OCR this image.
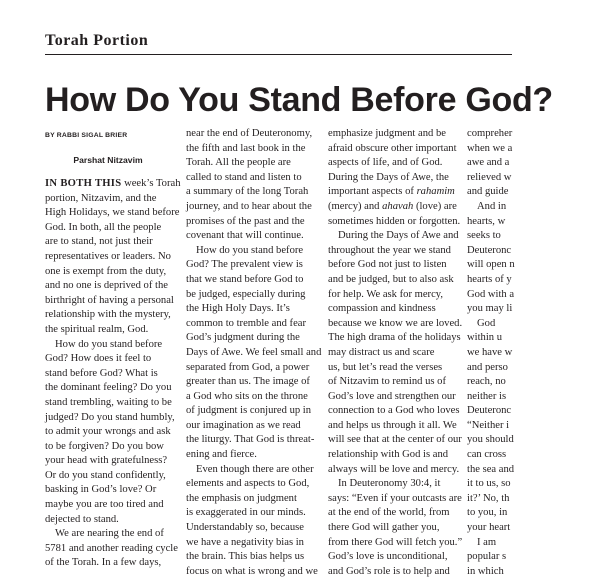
Torah Portion
How Do You Stand Before God?
BY RABBI SIGAL BRIER
Parshat Nitzavim
IN BOTH THIS week’s Torah
portion, Nitzavim, and the
High Holidays, we stand before
God. In both, all the people
are to stand, not just their
representatives or leaders. No
one is exempt from the duty,
and no one is deprived of the
birthright of having a personal
relationship with the mystery,
the spiritual realm, God.
How do you stand before
God? How does it feel to
stand before God? What is
the dominant feeling? Do you
stand trembling, waiting to be
judged? Do you stand humbly,
to admit your wrongs and ask
to be forgiven? Do you bow
your head with gratefulness?
Or do you stand confidently,
basking in God’s love? Or
maybe you are too tired and
dejected to stand.
We are nearing the end of
5781 and another reading cycle
of the Torah. In a few days,
near the end of Deuteronomy,
the fifth and last book in the
Torah. All the people are
called to stand and listen to
a summary of the long Torah
journey, and to hear about the
promises of the past and the
covenant that will continue.
How do you stand before
God? The prevalent view is
that we stand before God to
be judged, especially during
the High Holy Days. It’s
common to tremble and fear
God’s judgment during the
Days of Awe. We feel small and
separated from God, a power
greater than us. The image of
a God who sits on the throne
of judgment is conjured up in
our imagination as we read
the liturgy. That God is threat-
ening and fierce.
Even though there are other
elements and aspects to God,
the emphasis on judgment
is exaggerated in our minds.
Understandably so, because
we have a negativity bias in
the brain. This bias helps us
focus on what is wrong and we
emphasize judgment and be
afraid obscure other important
aspects of life, and of God.
During the Days of Awe, the
important aspects of rahamim
(mercy) and ahavah (love) are
sometimes hidden or forgotten.
During the Days of Awe and
throughout the year we stand
before God not just to listen
and be judged, but to also ask
for help. We ask for mercy,
compassion and kindness
because we know we are loved.
The high drama of the holidays
may distract us and scare
us, but let’s read the verses
of Nitzavim to remind us of
God’s love and strengthen our
connection to a God who loves
and helps us through it all. We
will see that at the center of our
relationship with God is and
always will be love and mercy.
In Deuteronomy 30:4, it
says: “Even if your outcasts are
at the end of the world, from
there God will gather you,
from there God will fetch you.”
God’s love is unconditional,
and God’s role is to help and
compreher
when we a
awe and a
relieved w
and guide
And in
hearts, w
seeks to
Deuteronc
will open n
hearts of y
God with a
you may li
God
within u
we have w
and perso
reach, no
neither is
Deuteronc
“Neither i
you should
can cross
the sea and
it to us, so
it?’ No, th
to you, in
your heart
I am
popular s
in which
